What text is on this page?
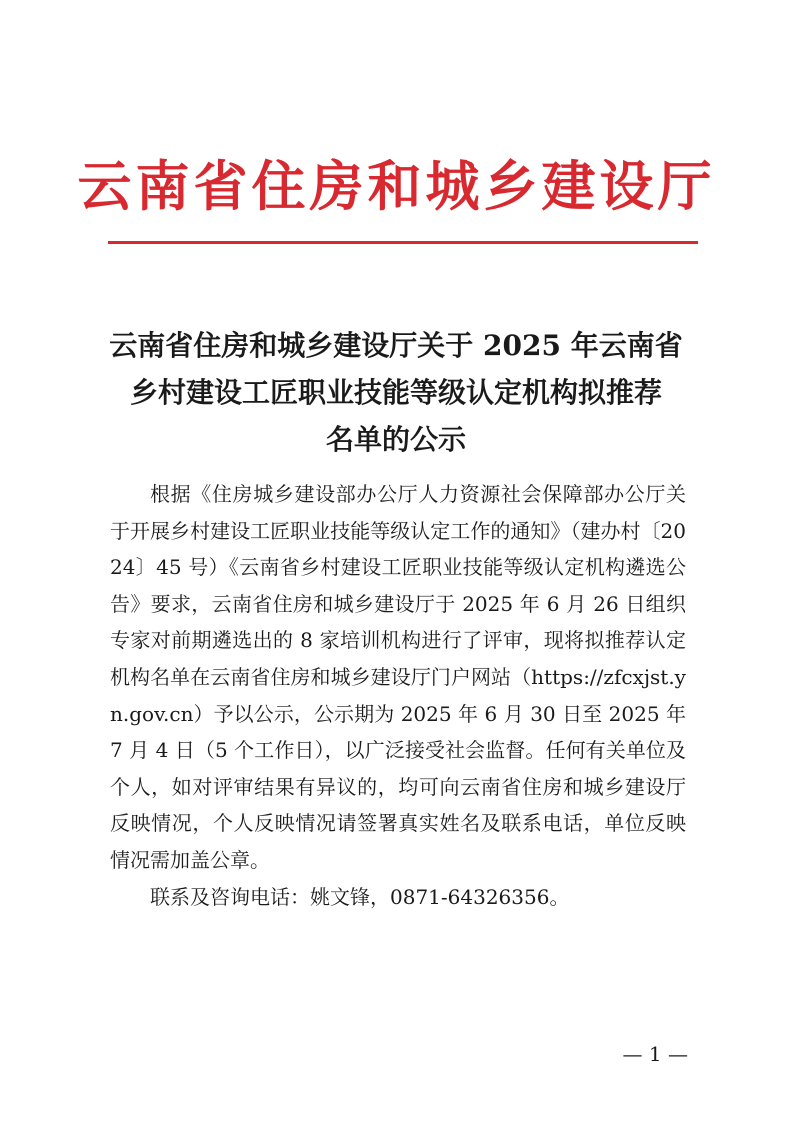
云南省住房和城乡建设厅
云南省住房和城乡建设厅关于 2025 年云南省
乡村建设工匠职业技能等级认定机构拟推荐
名单的公示

根据《住房城乡建设部办公厅人力资源社会保障部办公厅关于开展乡村建设工匠职业技能等级认定工作的通知》（建办村〔2024〕45 号）《云南省乡村建设工匠职业技能等级认定机构遴选公告》要求，云南省住房和城乡建设厅于 2025 年 6 月 26 日组织专家对前期遴选出的 8 家培训机构进行了评审，现将拟推荐认定机构名单在云南省住房和城乡建设厅门户网站（https://zfcxjst.yn.gov.cn）予以公示，公示期为 2025 年 6 月 30 日至 2025 年 7 月 4 日（5 个工作日），以广泛接受社会监督。任何有关单位及个人，如对评审结果有异议的，均可向云南省住房和城乡建设厅反映情况，个人反映情况请签署真实姓名及联系电话，单位反映情况需加盖公章。

联系及咨询电话：姚文锋，0871-64326356。

— 1 —
